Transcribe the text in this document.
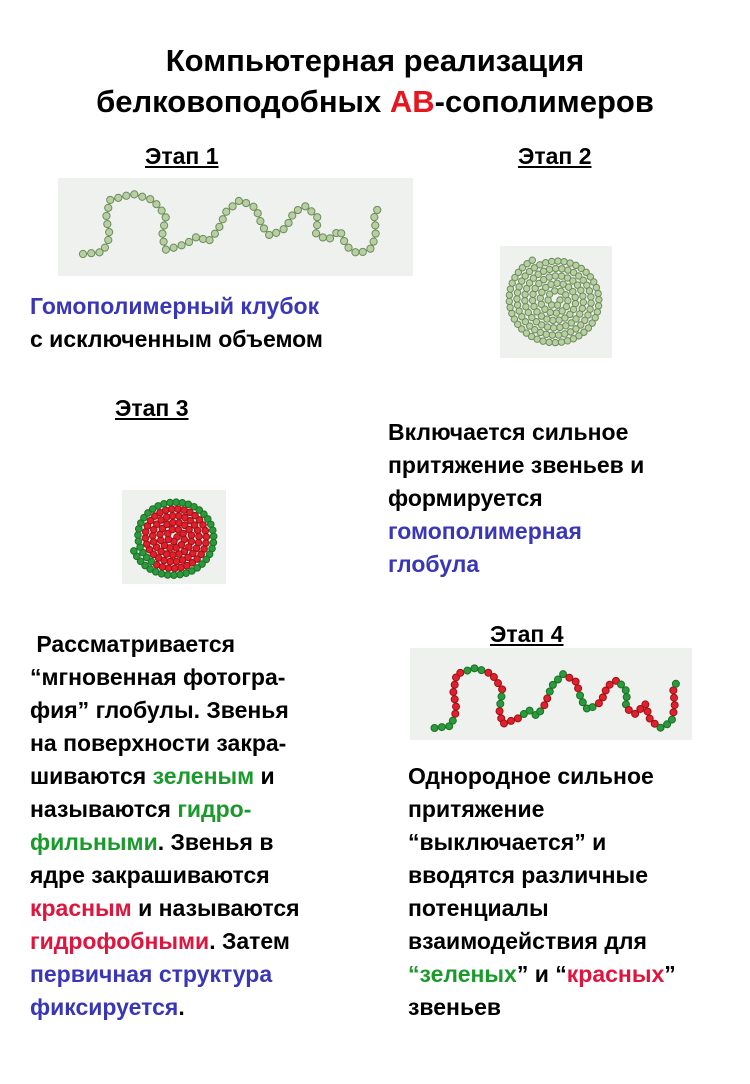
Компьютерная реализация
белковоподобных АВ-сополимеров
Этап 1	Этап 2
Этап 3
Этап 4
Гомополимерный клубок
с исключенным объемом
Включается сильное
притяжение звеньев и
формируется
гомополимерная
глобула
Рассматривается
“мгновенная фотогра-
фия” глобулы. Звенья
на поверхности закра-
шиваются зеленым и
называются гидро-
фильными. Звенья в
ядре закрашиваются
красным и называются
гидрофобными. Затем
первичная структура
фиксируется.
Однородное сильное
притяжение
“выключается” и
вводятся различные
потенциалы
взаимодействия для
“зеленых” и “красных”
звеньев
